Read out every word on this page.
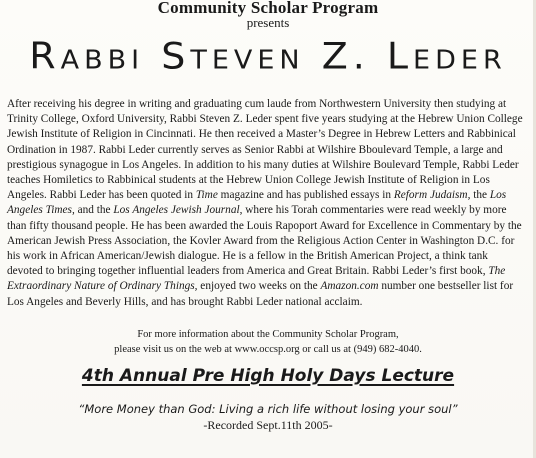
Community Scholar Program
presents
Rabbi Steven Z. Leder
After receiving his degree in writing and graduating cum laude from Northwestern University then studying at Trinity College, Oxford University, Rabbi Steven Z. Leder spent five years studying at the Hebrew Union College Jewish Institute of Religion in Cincinnati. He then received a Master’s Degree in Hebrew Letters and Rabbinical Ordination in 1987. Rabbi Leder currently serves as Senior Rabbi at Wilshire Bboulevard Temple, a large and prestigious synagogue in Los Angeles. In addition to his many duties at Wilshire Boulevard Temple, Rabbi Leder teaches Homiletics to Rabbinical students at the Hebrew Union College Jewish Institute of Religion in Los Angeles. Rabbi Leder has been quoted in Time magazine and has published essays in Reform Judaism, the Los Angeles Times, and the Los Angeles Jewish Journal, where his Torah commentaries were read weekly by more than fifty thousand people. He has been awarded the Louis Rapoport Award for Excellence in Commentary by the American Jewish Press Association, the Kovler Award from the Religious Action Center in Washington D.C. for his work in African American/Jewish dialogue. He is a fellow in the British American Project, a think tank devoted to bringing together influential leaders from America and Great Britain. Rabbi Leder’s first book, The Extraordinary Nature of Ordinary Things, enjoyed two weeks on the Amazon.com number one bestseller list for Los Angeles and Beverly Hills, and has brought Rabbi Leder national acclaim.
For more information about the Community Scholar Program,
please visit us on the web at www.occsp.org or call us at (949) 682-4040.
4th Annual Pre High Holy Days Lecture
“More Money than God: Living a rich life without losing your soul”
-Recorded Sept.11th 2005-
